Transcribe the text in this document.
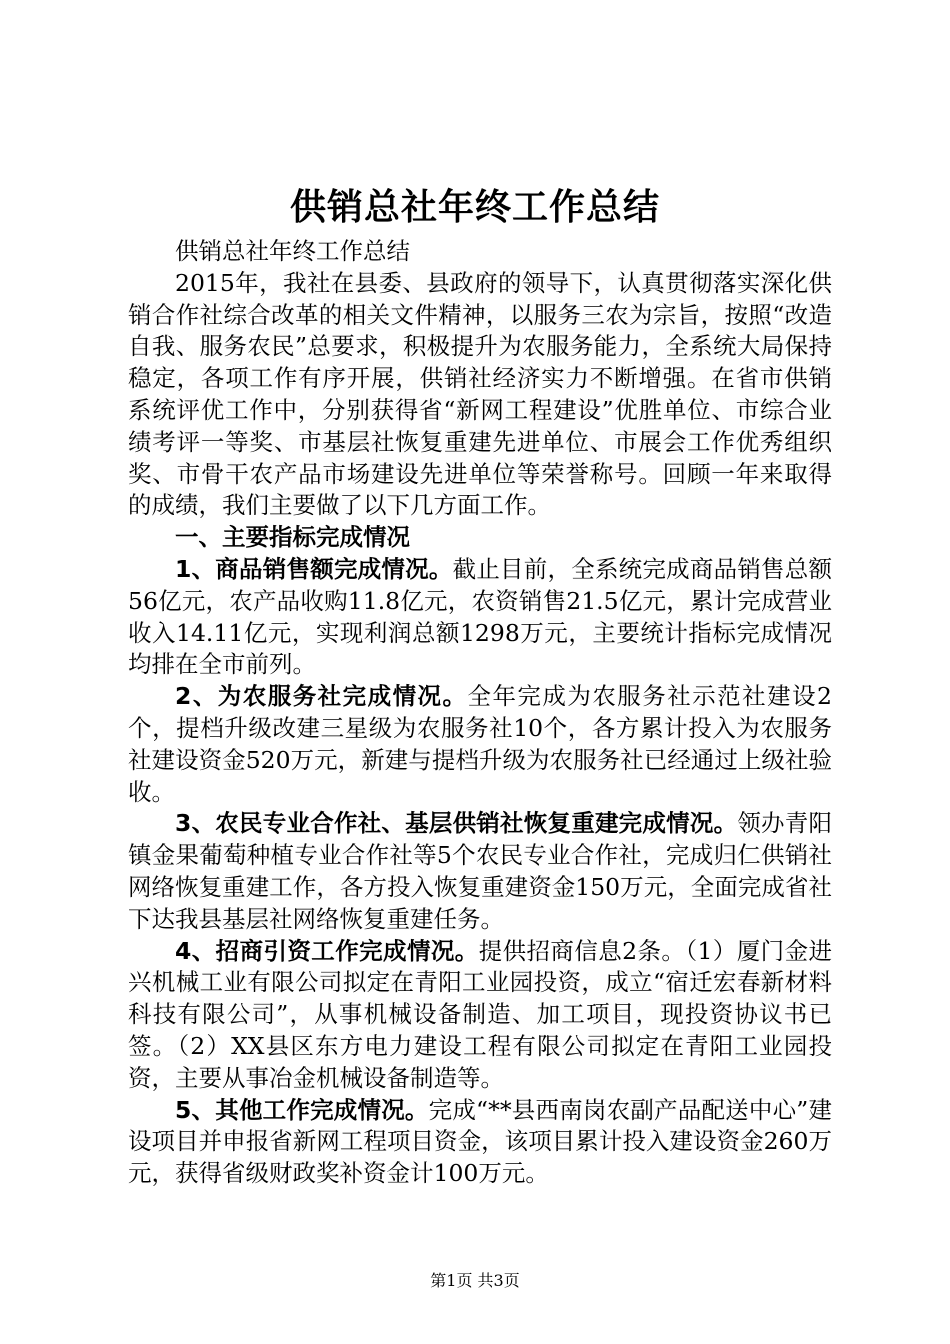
供销总社年终工作总结

供销总社年终工作总结

2015年，我社在县委、县政府的领导下，认真贯彻落实深化供销合作社综合改革的相关文件精神，以服务三农为宗旨，按照“改造自我、服务农民”总要求，积极提升为农服务能力，全系统大局保持稳定，各项工作有序开展，供销社经济实力不断增强。在省市供销系统评优工作中，分别获得省“新网工程建设”优胜单位、市综合业绩考评一等奖、市基层社恢复重建先进单位、市展会工作优秀组织奖、市骨干农产品市场建设先进单位等荣誉称号。回顾一年来取得的成绩，我们主要做了以下几方面工作。

一、主要指标完成情况

1、商品销售额完成情况。截止目前，全系统完成商品销售总额56亿元，农产品收购11.8亿元，农资销售21.5亿元，累计完成营业收入14.11亿元，实现利润总额1298万元，主要统计指标完成情况均排在全市前列。

2、为农服务社完成情况。全年完成为农服务社示范社建设2个，提档升级改建三星级为农服务社10个，各方累计投入为农服务社建设资金520万元，新建与提档升级为农服务社已经通过上级社验收。

3、农民专业合作社、基层供销社恢复重建完成情况。领办青阳镇金果葡萄种植专业合作社等5个农民专业合作社，完成归仁供销社网络恢复重建工作，各方投入恢复重建资金150万元，全面完成省社下达我县基层社网络恢复重建任务。

4、招商引资工作完成情况。提供招商信息2条。（1）厦门金进兴机械工业有限公司拟定在青阳工业园投资，成立“宿迁宏春新材料科技有限公司”，从事机械设备制造、加工项目，现投资协议书已签。（2）XX县区东方电力建设工程有限公司拟定在青阳工业园投资，主要从事冶金机械设备制造等。

5、其他工作完成情况。完成“**县西南岗农副产品配送中心”建设项目并申报省新网工程项目资金，该项目累计投入建设资金260万元，获得省级财政奖补资金计100万元。

第1页 共3页
